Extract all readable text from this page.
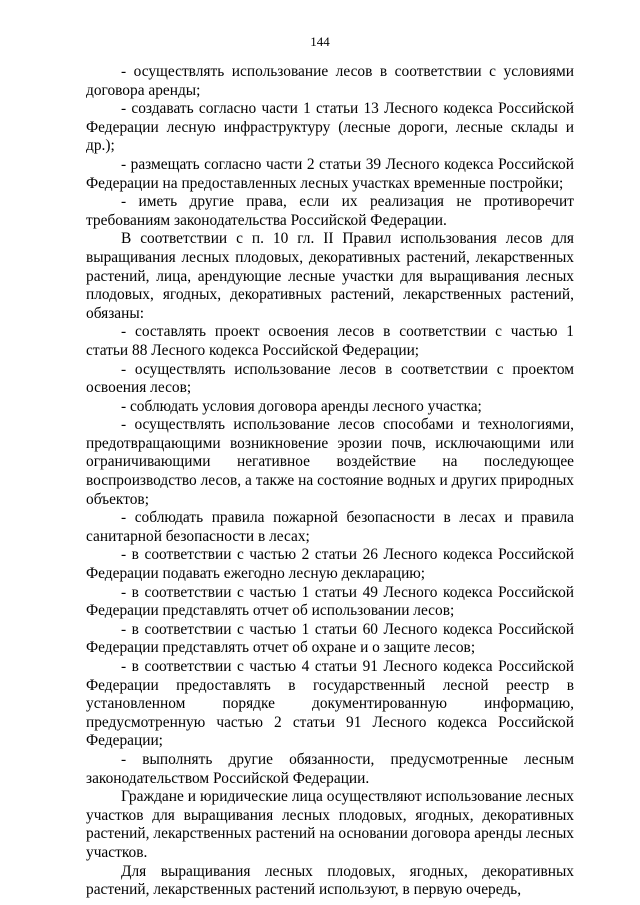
144

- осуществлять использование лесов в соответствии с условиями договора аренды;

- создавать согласно части 1 статьи 13 Лесного кодекса Российской Федерации лесную инфраструктуру (лесные дороги, лесные склады и др.);

- размещать согласно части 2 статьи 39 Лесного кодекса Российской Федерации на предоставленных лесных участках временные постройки;

- иметь другие права, если их реализация не противоречит требованиям законодательства Российской Федерации.

В соответствии с п. 10 гл. II Правил использования лесов для выращивания лесных плодовых, декоративных растений, лекарственных растений, лица, арендующие лесные участки для выращивания лесных плодовых, ягодных, декоративных растений, лекарственных растений, обязаны:

- составлять проект освоения лесов в соответствии с частью 1 статьи 88 Лесного кодекса Российской Федерации;

- осуществлять использование лесов в соответствии с проектом освоения лесов;

- соблюдать условия договора аренды лесного участка;

- осуществлять использование лесов способами и технологиями, предотвращающими возникновение эрозии почв, исключающими или ограничивающими негативное воздействие на последующее воспроизводство лесов, а также на состояние водных и других природных объектов;

- соблюдать правила пожарной безопасности в лесах и правила санитарной безопасности в лесах;

- в соответствии с частью 2 статьи 26 Лесного кодекса Российской Федерации подавать ежегодно лесную декларацию;

- в соответствии с частью 1 статьи 49 Лесного кодекса Российской Федерации представлять отчет об использовании лесов;

- в соответствии с частью 1 статьи 60 Лесного кодекса Российской Федерации представлять отчет об охране и о защите лесов;

- в соответствии с частью 4 статьи 91 Лесного кодекса Российской Федерации предоставлять в государственный лесной реестр в установленном порядке документированную информацию, предусмотренную частью 2 статьи 91 Лесного кодекса Российской Федерации;

- выполнять другие обязанности, предусмотренные лесным законодательством Российской Федерации.

Граждане и юридические лица осуществляют использование лесных участков для выращивания лесных плодовых, ягодных, декоративных растений, лекарственных растений на основании договора аренды лесных участков.

Для выращивания лесных плодовых, ягодных, декоративных растений, лекарственных растений используют, в первую очередь,
